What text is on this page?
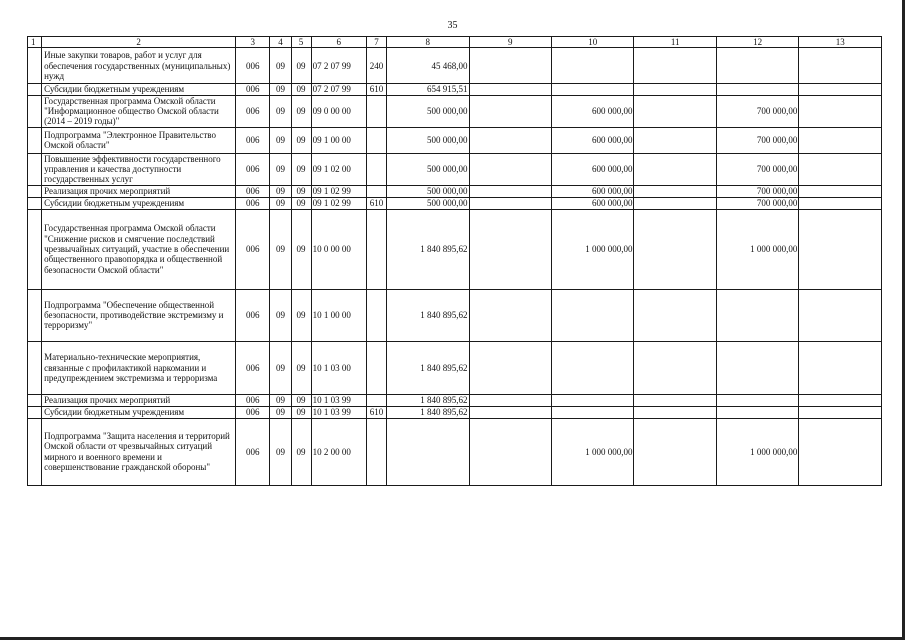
35
1	2	3	4	5	6	7	8	9	10	11	12	13
	Иные закупки товаров, работ и услуг для обеспечения государственных (муниципальных) нужд	006	09	09	07 2 07 99	240	45 468,00					
	Субсидии бюджетным учреждениям	006	09	09	07 2 07 99	610	654 915,51					
	Государственная программа Омской области "Информационное общество Омской области (2014 – 2019 годы)"	006	09	09	09 0 00 00		500 000,00		600 000,00		700 000,00	
	Подпрограмма "Электронное Правительство Омской области"	006	09	09	09 1 00 00		500 000,00		600 000,00		700 000,00	
	Повышение эффективности государственного управления и качества доступности государственных услуг	006	09	09	09 1 02 00		500 000,00		600 000,00		700 000,00	
	Реализация прочих мероприятий	006	09	09	09 1 02 99		500 000,00		600 000,00		700 000,00	
	Субсидии бюджетным учреждениям	006	09	09	09 1 02 99	610	500 000,00		600 000,00		700 000,00	
	Государственная программа Омской области "Снижение рисков и смягчение последствий чрезвычайных ситуаций, участие в обеспечении общественного правопорядка и общественной безопасности Омской области"	006	09	09	10 0 00 00		1 840 895,62		1 000 000,00		1 000 000,00	
	Подпрограмма "Обеспечение общественной безопасности, противодействие экстремизму и терроризму"	006	09	09	10 1 00 00		1 840 895,62					
	Материально-технические мероприятия, связанные с профилактикой наркомании и предупреждением экстремизма и терроризма	006	09	09	10 1 03 00		1 840 895,62					
	Реализация прочих мероприятий	006	09	09	10 1 03 99		1 840 895,62					
	Субсидии бюджетным учреждениям	006	09	09	10 1 03 99	610	1 840 895,62					
	Подпрограмма "Защита населения и территорий Омской области от чрезвычайных ситуаций мирного и военного времени и совершенствование гражданской обороны"	006	09	09	10 2 00 00				1 000 000,00		1 000 000,00	
